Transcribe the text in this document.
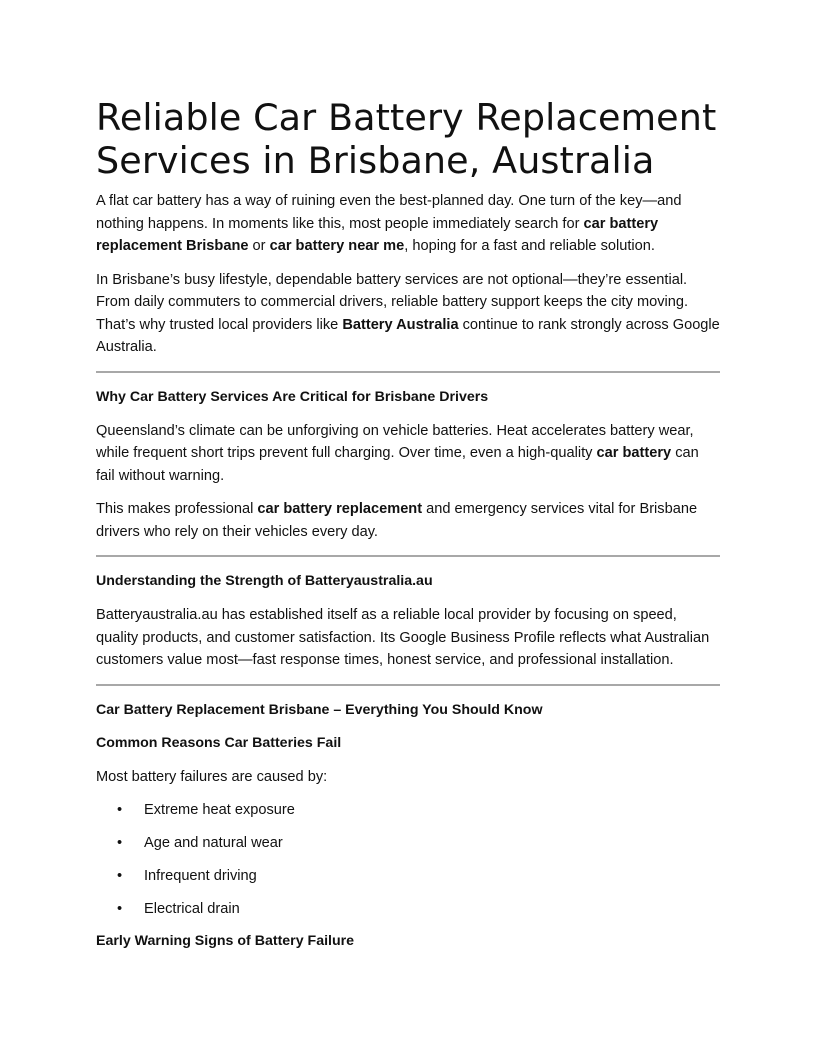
Reliable Car Battery Replacement Services in Brisbane, Australia

A flat car battery has a way of ruining even the best-planned day. One turn of the key—and nothing happens. In moments like this, most people immediately search for car battery replacement Brisbane or car battery near me, hoping for a fast and reliable solution.

In Brisbane’s busy lifestyle, dependable battery services are not optional—they’re essential. From daily commuters to commercial drivers, reliable battery support keeps the city moving. That’s why trusted local providers like Battery Australia continue to rank strongly across Google Australia.

Why Car Battery Services Are Critical for Brisbane Drivers

Queensland’s climate can be unforgiving on vehicle batteries. Heat accelerates battery wear, while frequent short trips prevent full charging. Over time, even a high-quality car battery can fail without warning.

This makes professional car battery replacement and emergency services vital for Brisbane drivers who rely on their vehicles every day.

Understanding the Strength of Batteryaustralia.au

Batteryaustralia.au has established itself as a reliable local provider by focusing on speed, quality products, and customer satisfaction. Its Google Business Profile reflects what Australian customers value most—fast response times, honest service, and professional installation.

Car Battery Replacement Brisbane – Everything You Should Know
Common Reasons Car Batteries Fail

Most battery failures are caused by:

• Extreme heat exposure
• Age and natural wear
• Infrequent driving
• Electrical drain
Early Warning Signs of Battery Failure
